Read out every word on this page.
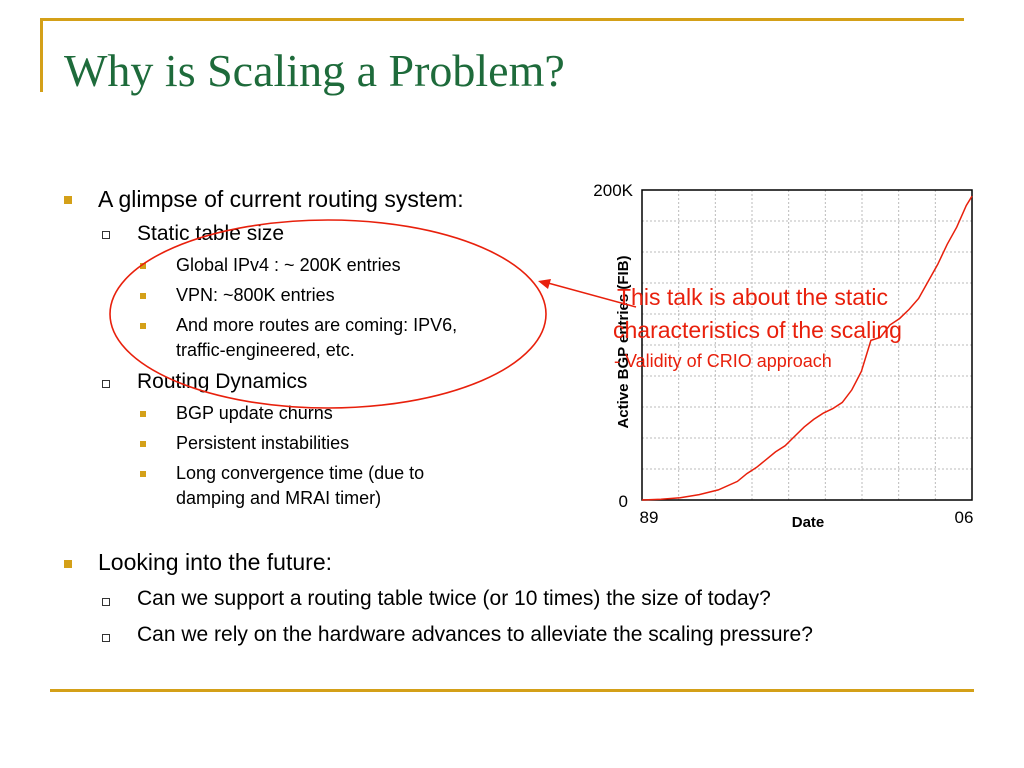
Why is Scaling a Problem?
A glimpse of current routing system:
Static table size
Global IPv4 : ~ 200K entries
VPN: ~800K entries
And more routes are coming: IPV6,
traffic-engineered, etc.
Routing Dynamics
BGP update churns
Persistent instabilities
Long convergence time (due to
damping and MRAI timer)
Looking into the future:
Can we support a routing table twice (or 10 times) the size of today?
Can we rely on the hardware advances to alleviate the scaling pressure?
200K
0
89	06
Date
Active BGP entries (FIB)
This talk is about the static
characteristics of the scaling
- Validity of CRIO approach
